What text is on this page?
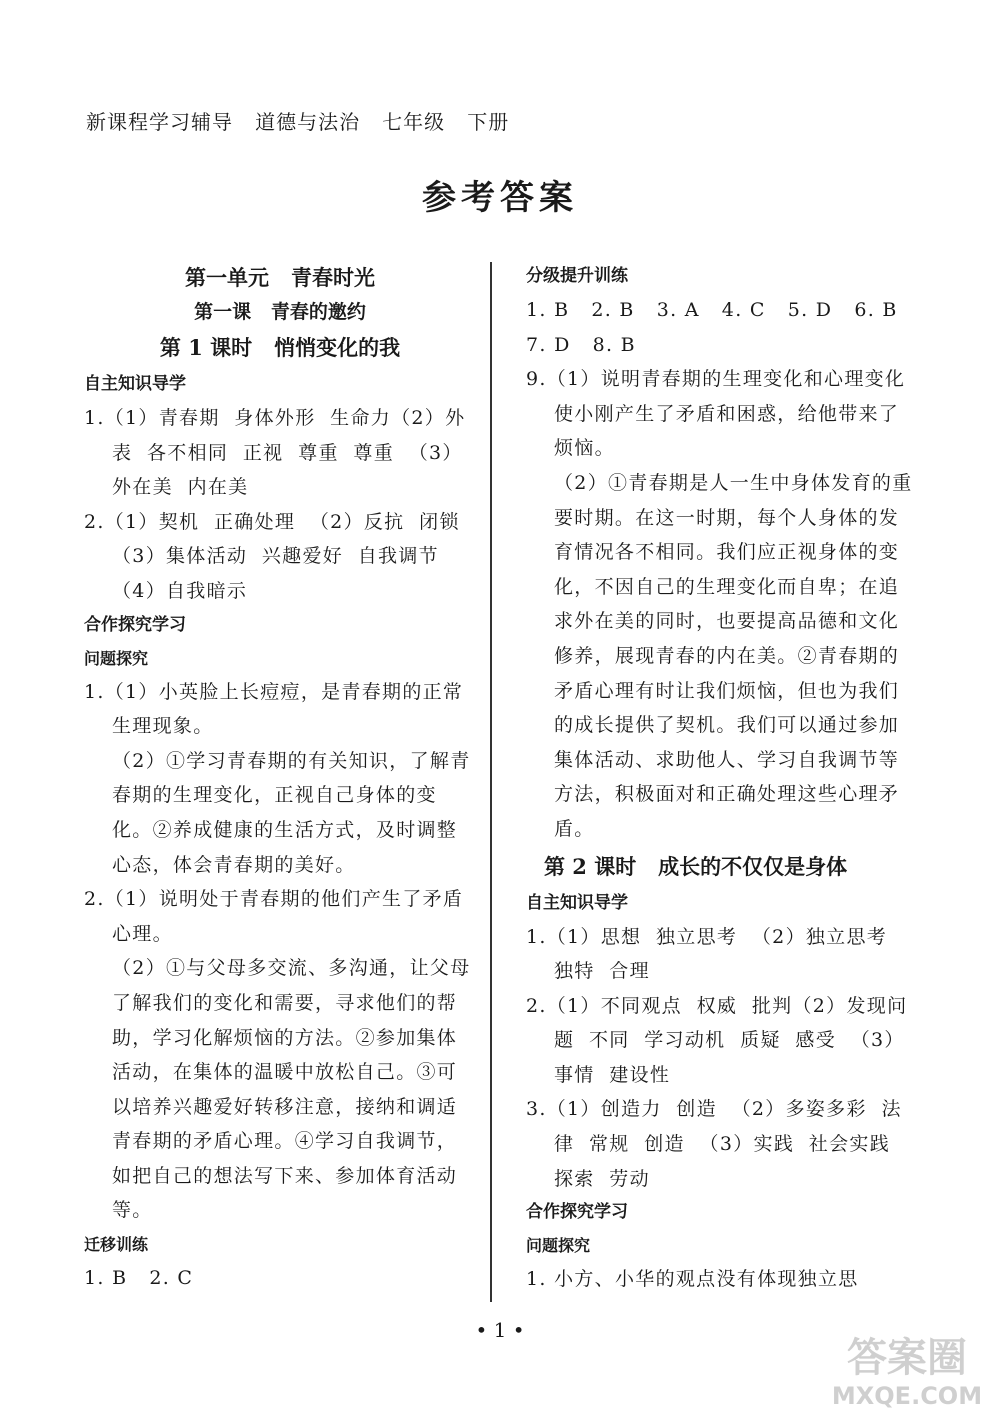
新课程学习辅导   道德与法治   七年级   下册
参考答案
第一单元   青春时光
第一课   青春的邀约
第 1 课时   悄悄变化的我

自主知识导学

1.（1）青春期  身体外形  生命力（2）外表  各不相同  正视  尊重  尊重  （3）外在美  内在美

2.（1）契机  正确处理  （2）反抗  闭锁  （3）集体活动  兴趣爱好  自我调节  （4）自我暗示

合作探究学习

问题探究

1.（1）小英脸上长痘痘，是青春期的正常生理现象。

（2）①学习青春期的有关知识，了解青春期的生理变化，正视自己身体的变化。②养成健康的生活方式，及时调整心态，体会青春期的美好。

2.（1）说明处于青春期的他们产生了矛盾心理。

（2）①与父母多交流、多沟通，让父母了解我们的变化和需要，寻求他们的帮助，学习化解烦恼的方法。②参加集体活动，在集体的温暖中放松自己。③可以培养兴趣爱好转移注意，接纳和调适青春期的矛盾心理。④学习自我调节，如把自己的想法写下来、参加体育活动等。

迁移训练

1. B   2. C

分级提升训练

1. B   2. B   3. A   4. C   5. D   6. B

7. D   8. B

9.（1）说明青春期的生理变化和心理变化使小刚产生了矛盾和困惑，给他带来了烦恼。

（2）①青春期是人一生中身体发育的重要时期。在这一时期，每个人身体的发育情况各不相同。我们应正视身体的变化，不因自己的生理变化而自卑；在追求外在美的同时，也要提高品德和文化修养，展现青春的内在美。②青春期的矛盾心理有时让我们烦恼，但也为我们的成长提供了契机。我们可以通过参加集体活动、求助他人、学习自我调节等方法，积极面对和正确处理这些心理矛盾。

第 2 课时   成长的不仅仅是身体

自主知识导学

1.（1）思想  独立思考  （2）独立思考  独特  合理

2.（1）不同观点  权威  批判（2）发现问题  不同  学习动机  质疑  感受  （3）事情  建设性

3.（1）创造力  创造  （2）多姿多彩  法律  常规  创造  （3）实践  社会实践  探索  劳动

合作探究学习

问题探究

1. 小方、小华的观点没有体现独立思

• 1 •
答案圈
MXQE.COM
